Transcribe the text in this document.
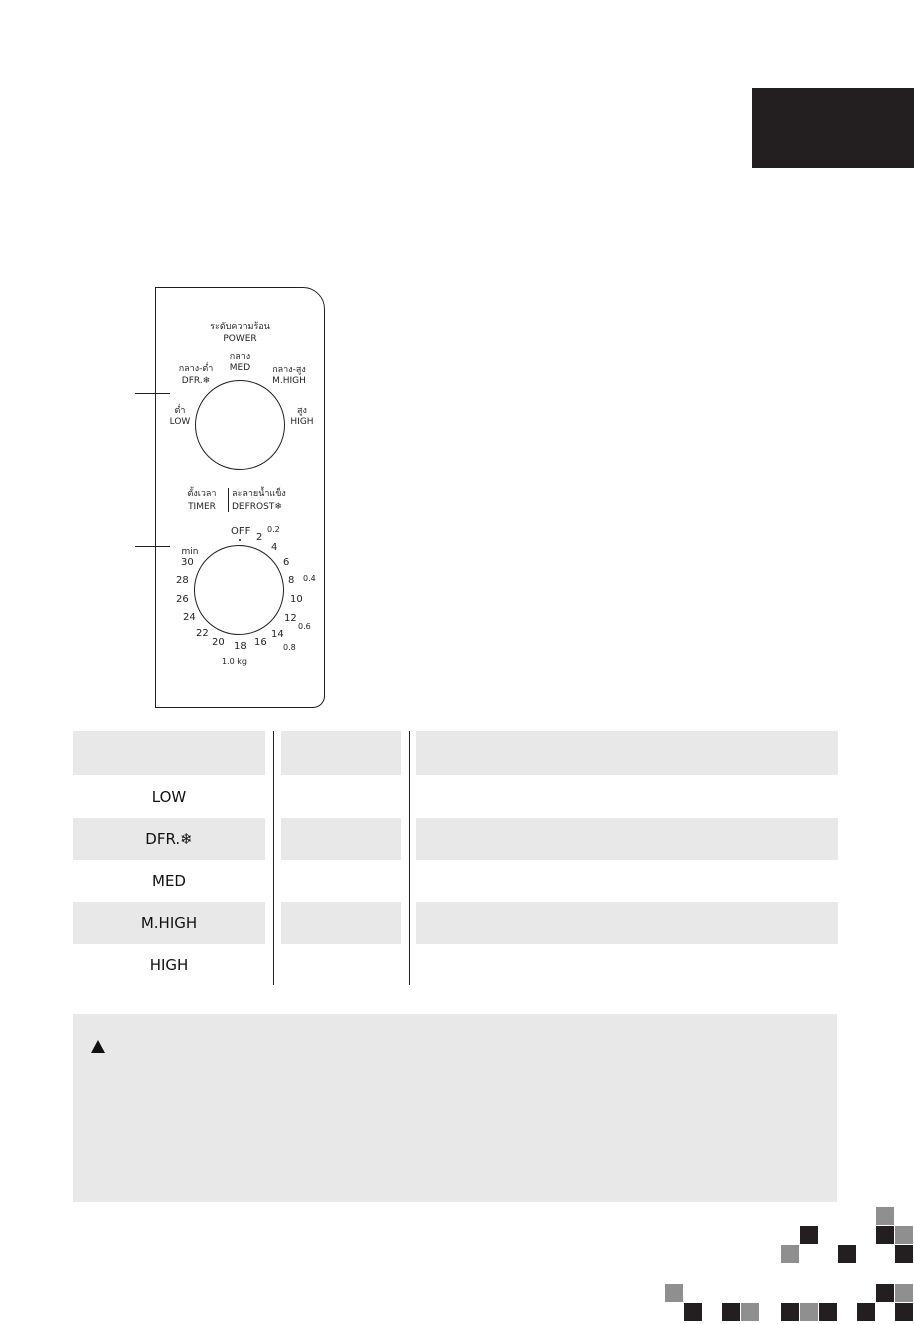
ระดับความร้อน
POWER
กลาง
MED
กลาง-ต่ำ
DFR.❄
กลาง-สูง
M.HIGH
ต่ำ
LOW
สูง
HIGH
ตั้งเวลา
TIMER
ละลายน้ำแข็ง
DEFROST❄
OFF
min
2
4
6
8
10
12
14
16
18
20
22
24
26
28
30
0.2
0.4
0.6
0.8
1.0 kg
LOW
DFR.❄
MED
M.HIGH
HIGH
